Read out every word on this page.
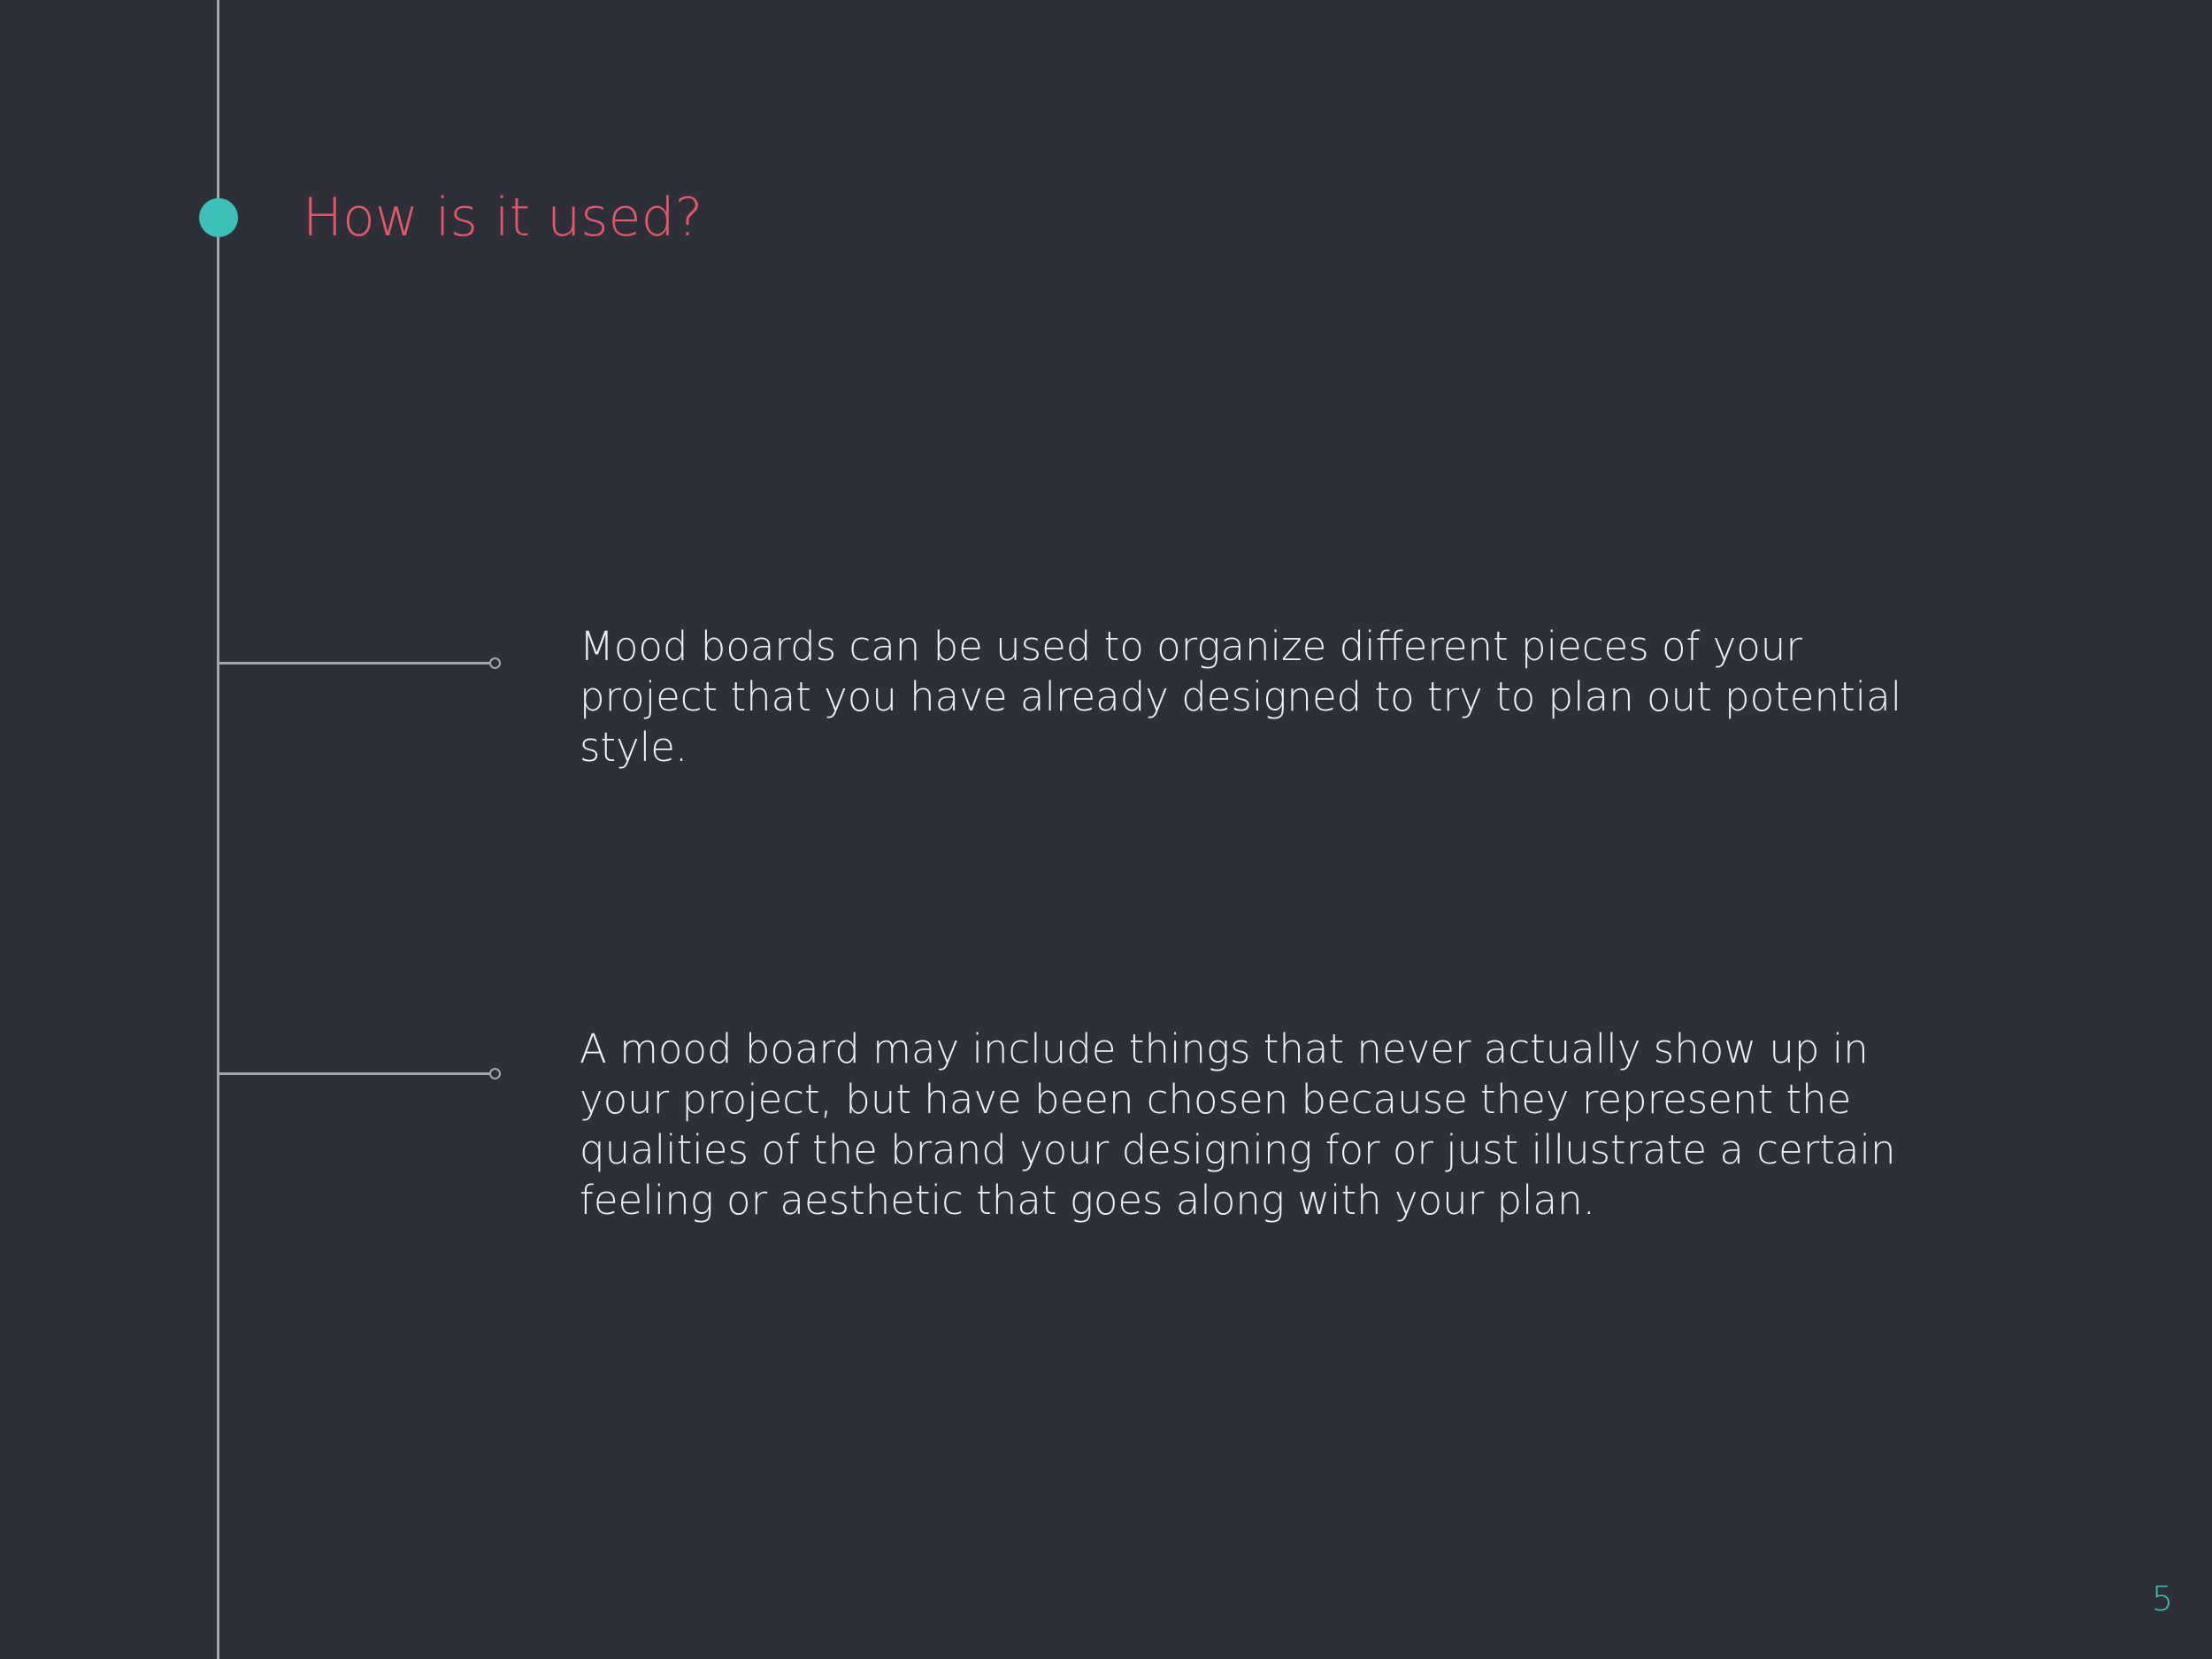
How is it used?

Mood boards can be used to organize different pieces of your project that you have already designed to try to plan out potential style.

A mood board may include things that never actually show up in your project, but have been chosen because they represent the qualities of the brand your designing for or just illustrate a certain feeling or aesthetic that goes along with your plan.

5
